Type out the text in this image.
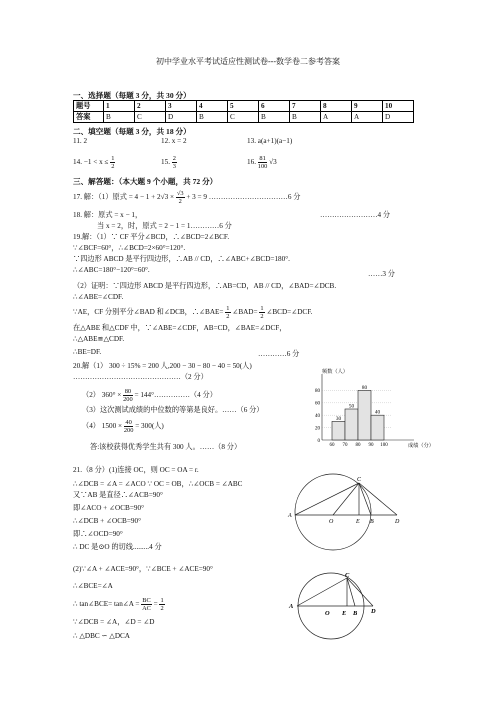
初中学业水平考试适应性测试卷---数学卷二参考答案
一、选择题（每题 3 分，共 30 分）
题号	1	2	3	4	5	6	7	8	9	10
答案	B	C	D	B	C	B	B	A	A	D
二、填空题（每题 3 分，共 18 分）
11. 2	12. x = 2	13. a(a+1)(a−1)
14. $-1 < x \le \frac{1}{2}$	15. $\frac{2}{3}$	16. $\frac{81}{100} √3$
三、解答题：（本大题 9 个小题，共 72 分）
17. 解：（1）原式 = $4 - 1 + 2√3 \times \frac{√3}{2} + 3 = 9$ ……………………………6 分
18. 解：原式 = x − 1，	……………………4 分
当 x = 2，时，原式 = 2 − 1 = 1…………6 分
19.解：（1）∵ CF 平分∠BCD，∴∠BCD=2∠BCF.
∵∠BCF=60°，∴∠BCD=2×60°=120°.
∵四边形 ABCD 是平行四边形，∴AB // CD，∴∠ABC+∠BCD=180°.
∴∠ABC=180°−120°=60°.	……3 分
（2）证明：∵四边形 ABCD 是平行四边形，∴AB=CD，AB // CD，∠BAD=∠DCB.
∴∠ABE=∠CDF.
∵AE，CF 分别平分∠BAD 和∠DCB，∴∠BAE= $\frac{1}{2}$ ∠BAD= $\frac{1}{2}$ ∠BCD=∠DCF.
在△ABE 和△CDF 中，∵∠ABE=∠CDF，AB=CD，∠BAE=∠DCF，
∴△ABE≌△CDF.
∴BE=DF.	…………6 分
20.解（1） 300 ÷ 15% = 200 人,200 − 30 − 80 − 40 = 50(人)
………………………………………（2 分）
（2） $360^\circ \times \frac{80}{200}$ = 144°……………（4 分）
（3）这次测试成绩的中位数的等第是良好。……（6 分）
（4） $1500 \times \frac{40}{200} = 300$(人)
答:该校获得优秀学生共有 300 人。……（8 分）
频数（人）
成绩（分）
0
20
40
60
80
30
50
80
40
60 70 80 90 100
21.（8 分）(1)连接 OC，则 OC = OA = r.
∴∠DCB = ∠A = ∠ACO ∵ OC = OB，∴∠OCB = ∠ABC
又∵AB 是直径∴∠ACB=90°
即∠ACO + ∠OCB=90°
∴∠DCB + ∠OCB=90°
即∴∠OCD=90°
∴ DC 是⊙O 的切线.........4 分
(2)∵∠A + ∠ACE=90°，∵∠BCE + ∠ACE=90°
∴∠BCE=∠A
∴ tan∠BCE= tan∠A = $\frac{BC}{AC} = \frac{1}{2}$
∵∠DCB = ∠A，∠D = ∠D
∴ △DBC ∽ △DCA
A
O	E B	D
C
A
O E B D
C
